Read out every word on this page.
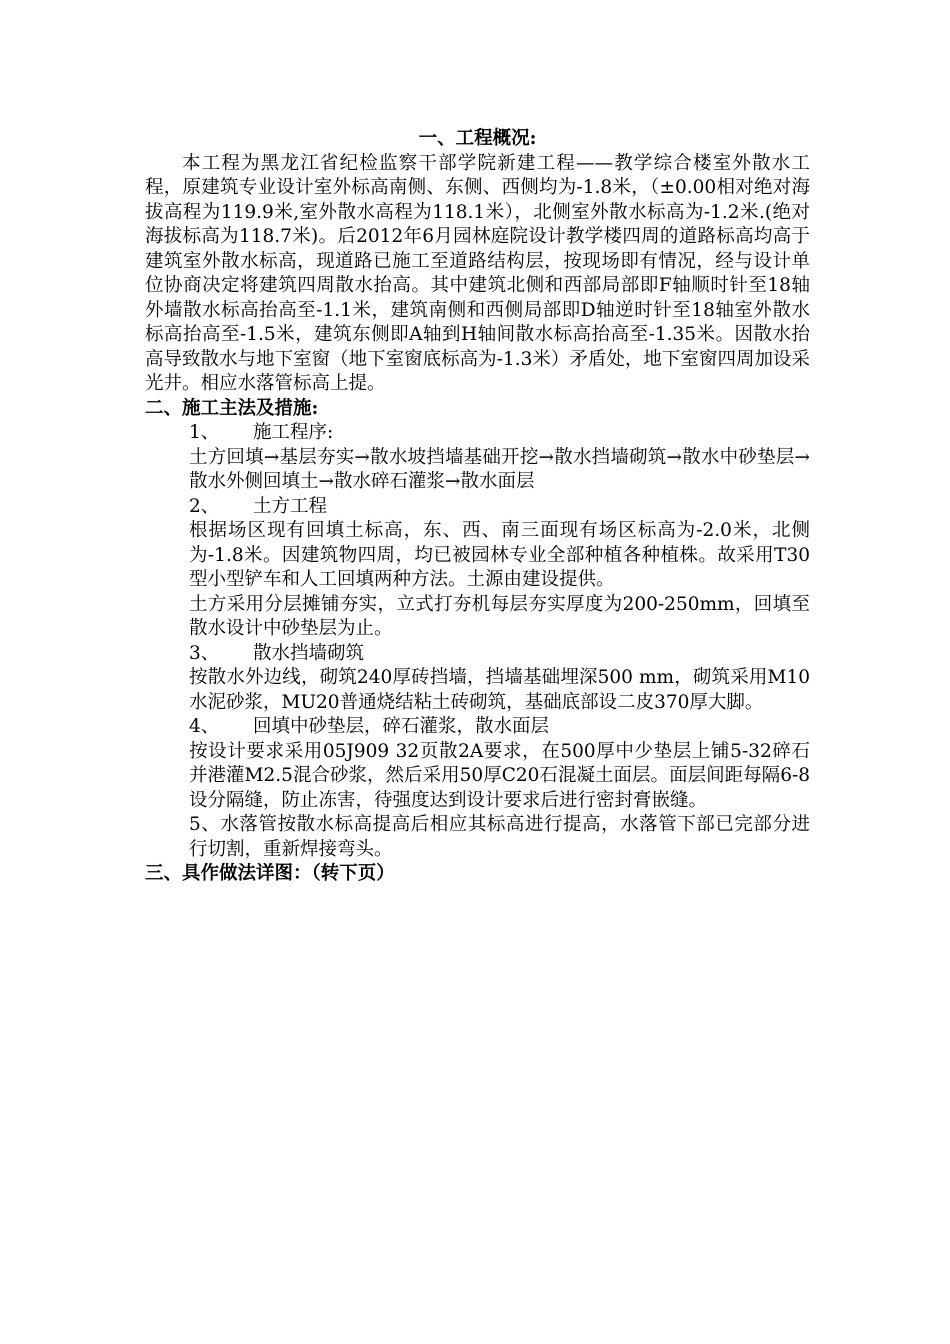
一、工程概况:

本工程为黑龙江省纪检监察干部学院新建工程——教学综合楼室外散水工程，原建筑专业设计室外标高南侧、东侧、西侧均为-1.8米，（±0.00相对绝对海拔高程为119.9米,室外散水高程为118.1米），北侧室外散水标高为-1.2米.(绝对海拔标高为118.7米)。后2012年6月园林庭院设计教学楼四周的道路标高均高于建筑室外散水标高，现道路已施工至道路结构层，按现场即有情况，经与设计单位协商决定将建筑四周散水抬高。其中建筑北侧和西部局部即F轴顺时针至18轴外墙散水标高抬高至-1.1米，建筑南侧和西侧局部即D轴逆时针至18轴室外散水标高抬高至-1.5米，建筑东侧即A轴到H轴间散水标高抬高至-1.35米。因散水抬高导致散水与地下室窗（地下室窗底标高为-1.3米）矛盾处，地下室窗四周加设采光井。相应水落管标高上提。

二、施工主法及措施:

1、 施工程序:

土方回填→基层夯实→散水坡挡墙基础开挖→散水挡墙砌筑→散水中砂垫层→散水外侧回填土→散水碎石灌浆→散水面层

2、 土方工程

根据场区现有回填土标高，东、西、南三面现有场区标高为-2.0米，北侧为-1.8米。因建筑物四周，均已被园林专业全部种植各种植株。故采用T30型小型铲车和人工回填两种方法。土源由建设提供。

土方采用分层摊铺夯实，立式打夯机每层夯实厚度为200-250mm，回填至散水设计中砂垫层为止。

3、 散水挡墙砌筑

按散水外边线，砌筑240厚砖挡墙，挡墙基础埋深500 mm，砌筑采用M10水泥砂浆，MU20普通烧结粘土砖砌筑，基础底部设二皮370厚大脚。

4、 回填中砂垫层，碎石灌浆，散水面层

按设计要求采用05J909 32页散2A要求，在500厚中少垫层上铺5-32碎石并港灌M2.5混合砂浆，然后采用50厚C20石混凝土面层。面层间距每隔6-8设分隔缝，防止冻害，待强度达到设计要求后进行密封膏嵌缝。

5、水落管按散水标高提高后相应其标高进行提高，水落管下部已完部分进行切割，重新焊接弯头。

三、具作做法详图：（转下页）
